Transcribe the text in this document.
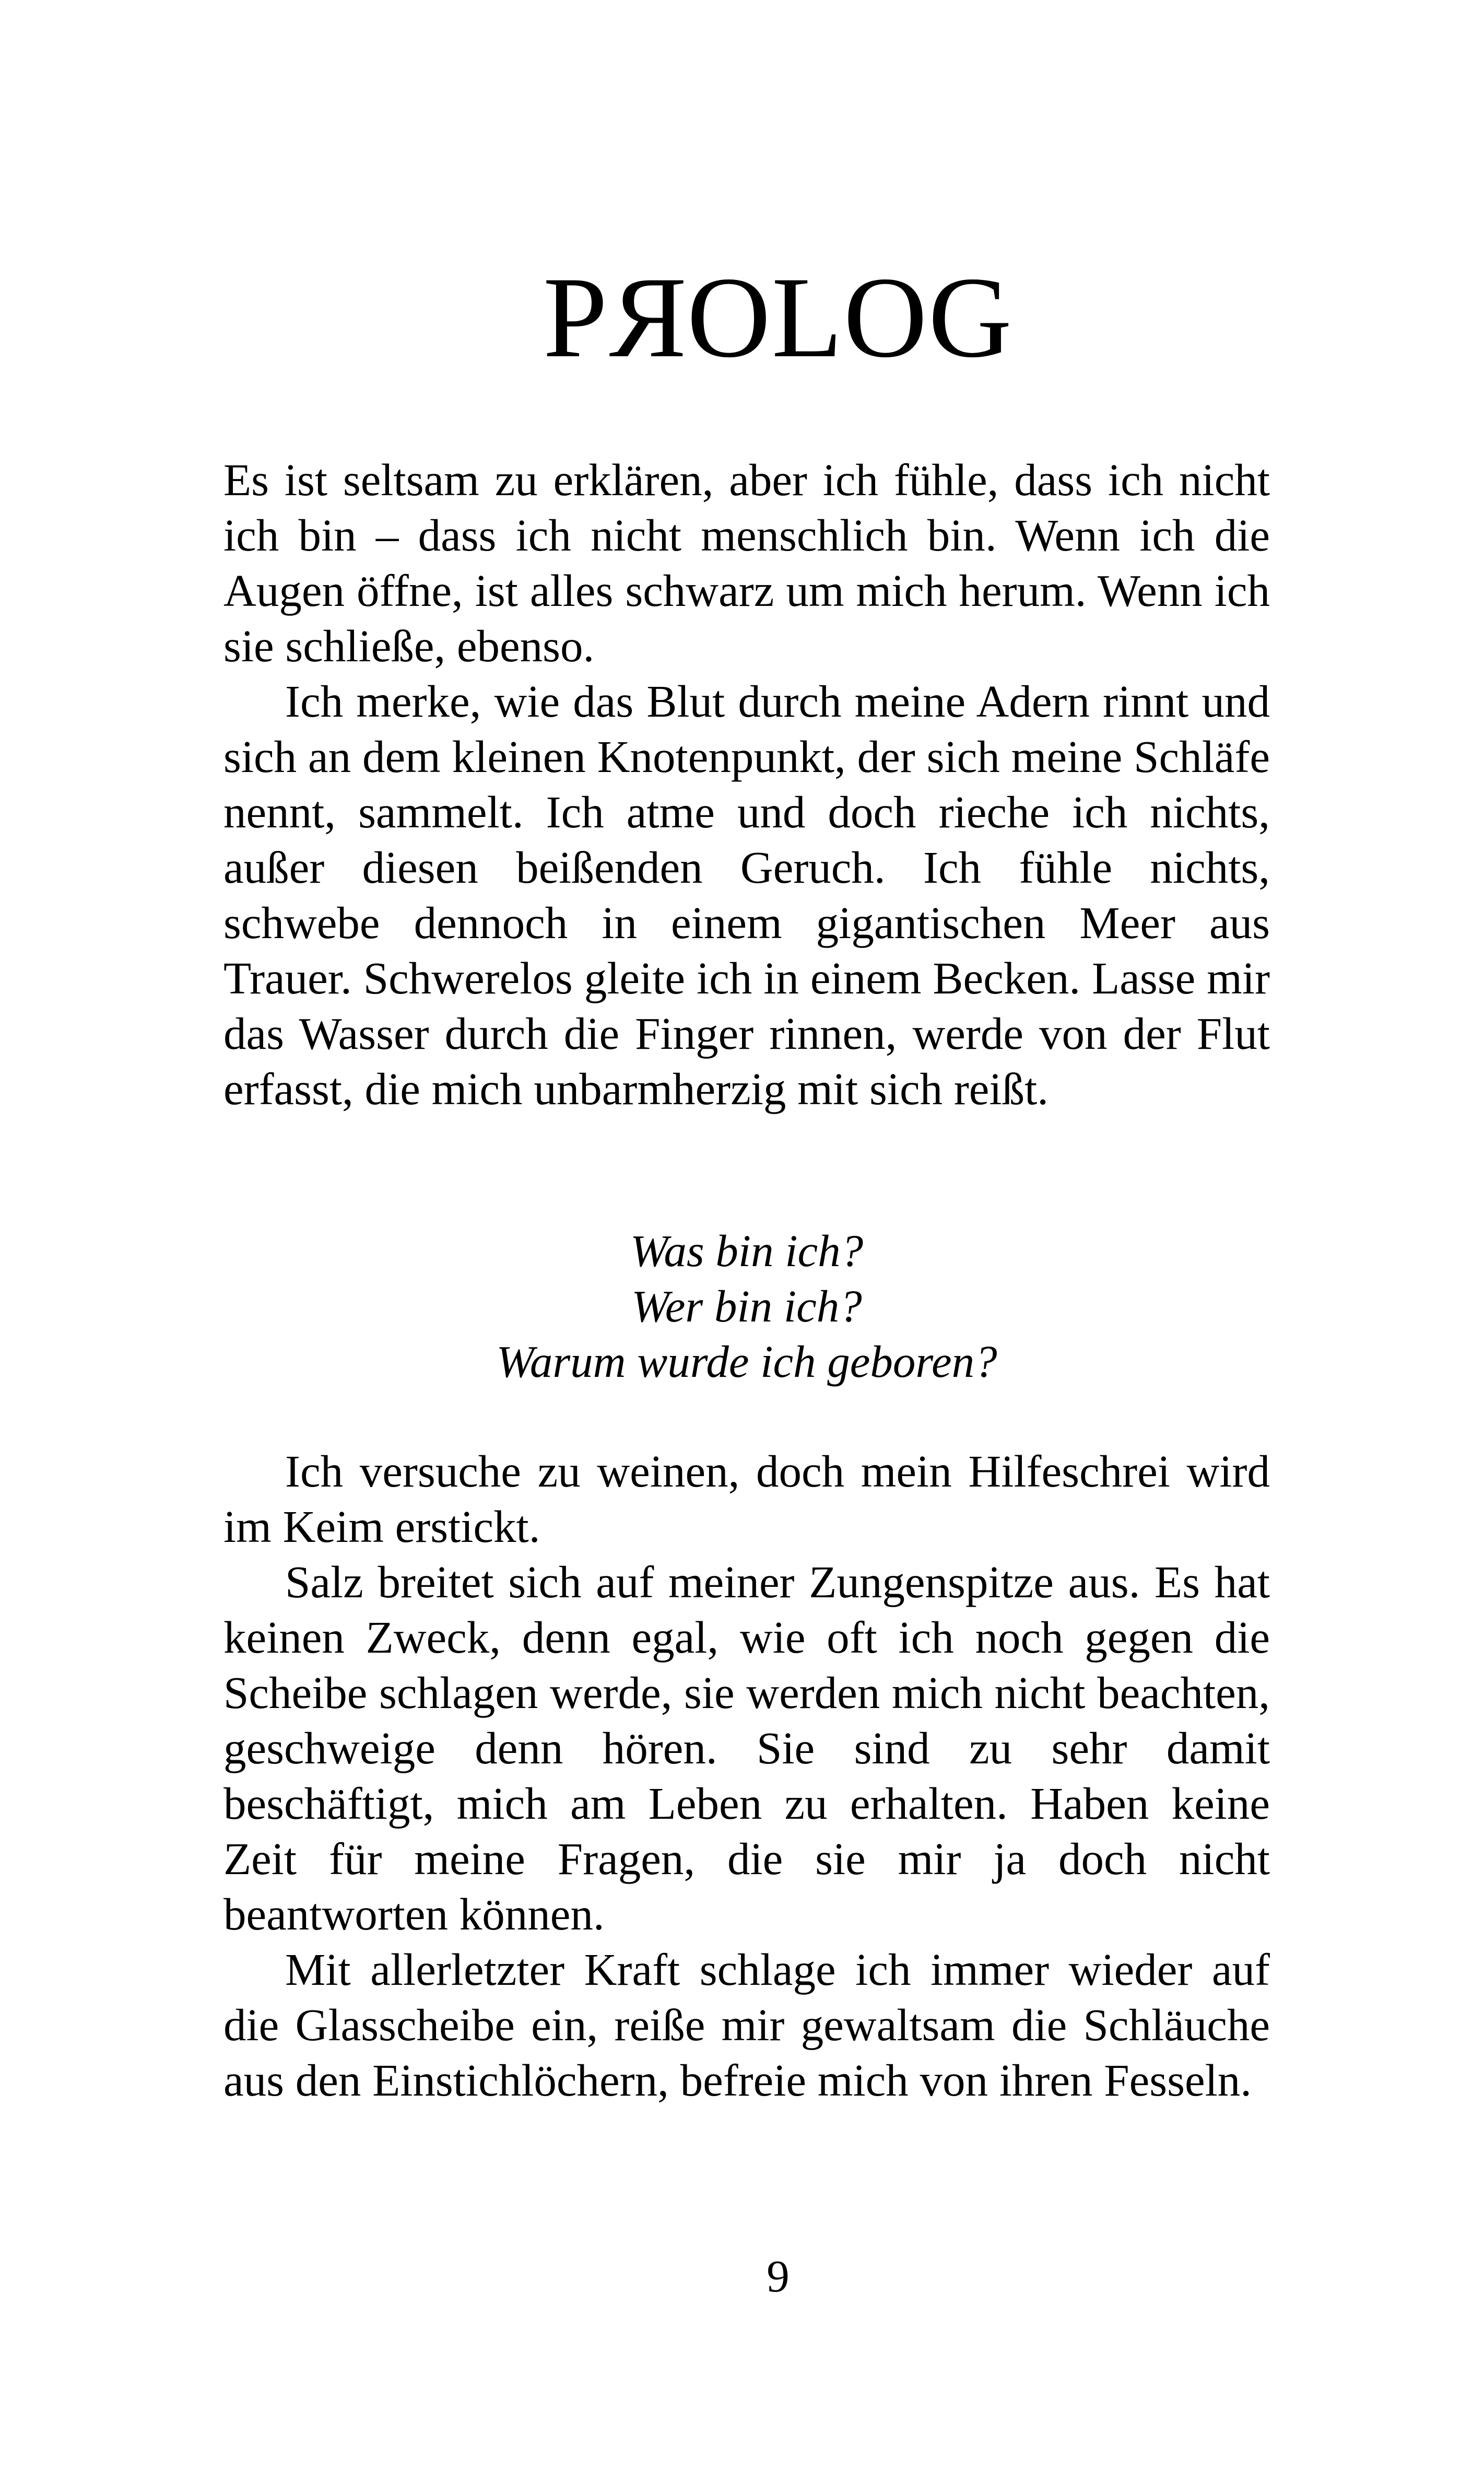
PROLOG

Es ist seltsam zu erklären, aber ich fühle, dass ich nicht ich bin – dass ich nicht menschlich bin. Wenn ich die Augen öffne, ist alles schwarz um mich herum. Wenn ich sie schließe, ebenso.

Ich merke, wie das Blut durch meine Adern rinnt und sich an dem kleinen Knotenpunkt, der sich meine Schläfe nennt, sammelt. Ich atme und doch rieche ich nichts, außer diesen beißenden Geruch. Ich fühle nichts, schwebe dennoch in einem gigantischen Meer aus Trauer. Schwerelos gleite ich in einem Becken. Lasse mir das Wasser durch die Finger rinnen, werde von der Flut erfasst, die mich unbarmherzig mit sich reißt.

Was bin ich?
Wer bin ich?
Warum wurde ich geboren?

Ich versuche zu weinen, doch mein Hilfeschrei wird im Keim erstickt.

Salz breitet sich auf meiner Zungenspitze aus. Es hat keinen Zweck, denn egal, wie oft ich noch gegen die Scheibe schlagen werde, sie werden mich nicht beachten, geschweige denn hören. Sie sind zu sehr damit beschäftigt, mich am Leben zu erhalten. Haben keine Zeit für meine Fragen, die sie mir ja doch nicht beantworten können.

Mit allerletzter Kraft schlage ich immer wieder auf die Glasscheibe ein, reiße mir gewaltsam die Schläuche aus den Einstichlöchern, befreie mich von ihren Fesseln.

9
